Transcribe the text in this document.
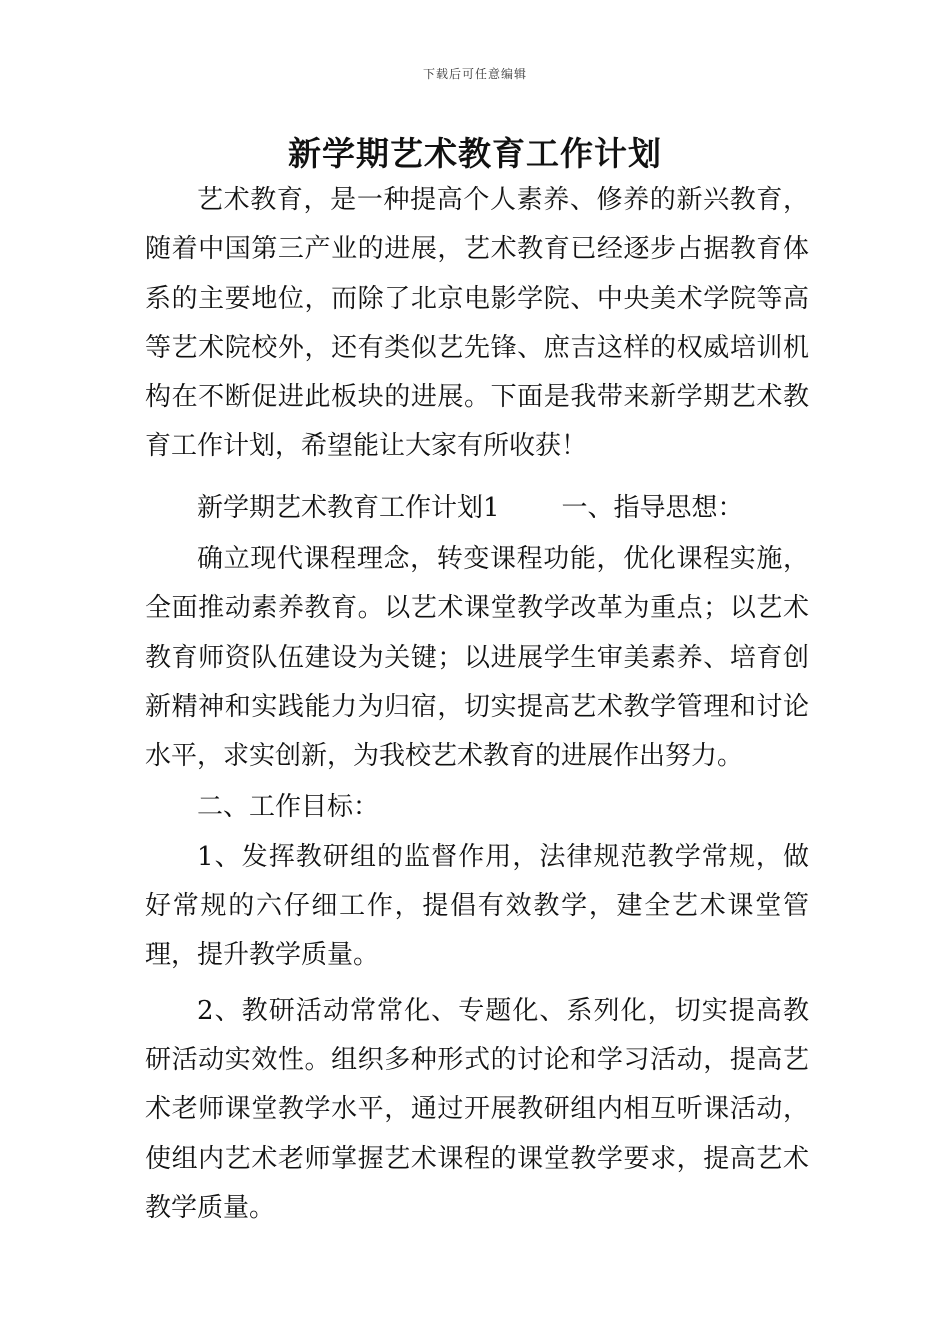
下载后可任意编辑
新学期艺术教育工作计划

艺术教育，是一种提高个人素养、修养的新兴教育，随着中国第三产业的进展，艺术教育已经逐步占据教育体系的主要地位，而除了北京电影学院、中央美术学院等高等艺术院校外，还有类似艺先锋、庶吉这样的权威培训机构在不断促进此板块的进展。下面是我带来新学期艺术教育工作计划，希望能让大家有所收获！

新学期艺术教育工作计划1 一、指导思想：

确立现代课程理念，转变课程功能，优化课程实施，全面推动素养教育。以艺术课堂教学改革为重点；以艺术教育师资队伍建设为关键；以进展学生审美素养、培育创新精神和实践能力为归宿，切实提高艺术教学管理和讨论水平，求实创新，为我校艺术教育的进展作出努力。

二、工作目标：

1、发挥教研组的监督作用，法律规范教学常规，做好常规的六仔细工作，提倡有效教学，建全艺术课堂管理，提升教学质量。

2、教研活动常常化、专题化、系列化，切实提高教研活动实效性。组织多种形式的讨论和学习活动，提高艺术老师课堂教学水平，通过开展教研组内相互听课活动，使组内艺术老师掌握艺术课程的课堂教学要求，提高艺术教学质量。
